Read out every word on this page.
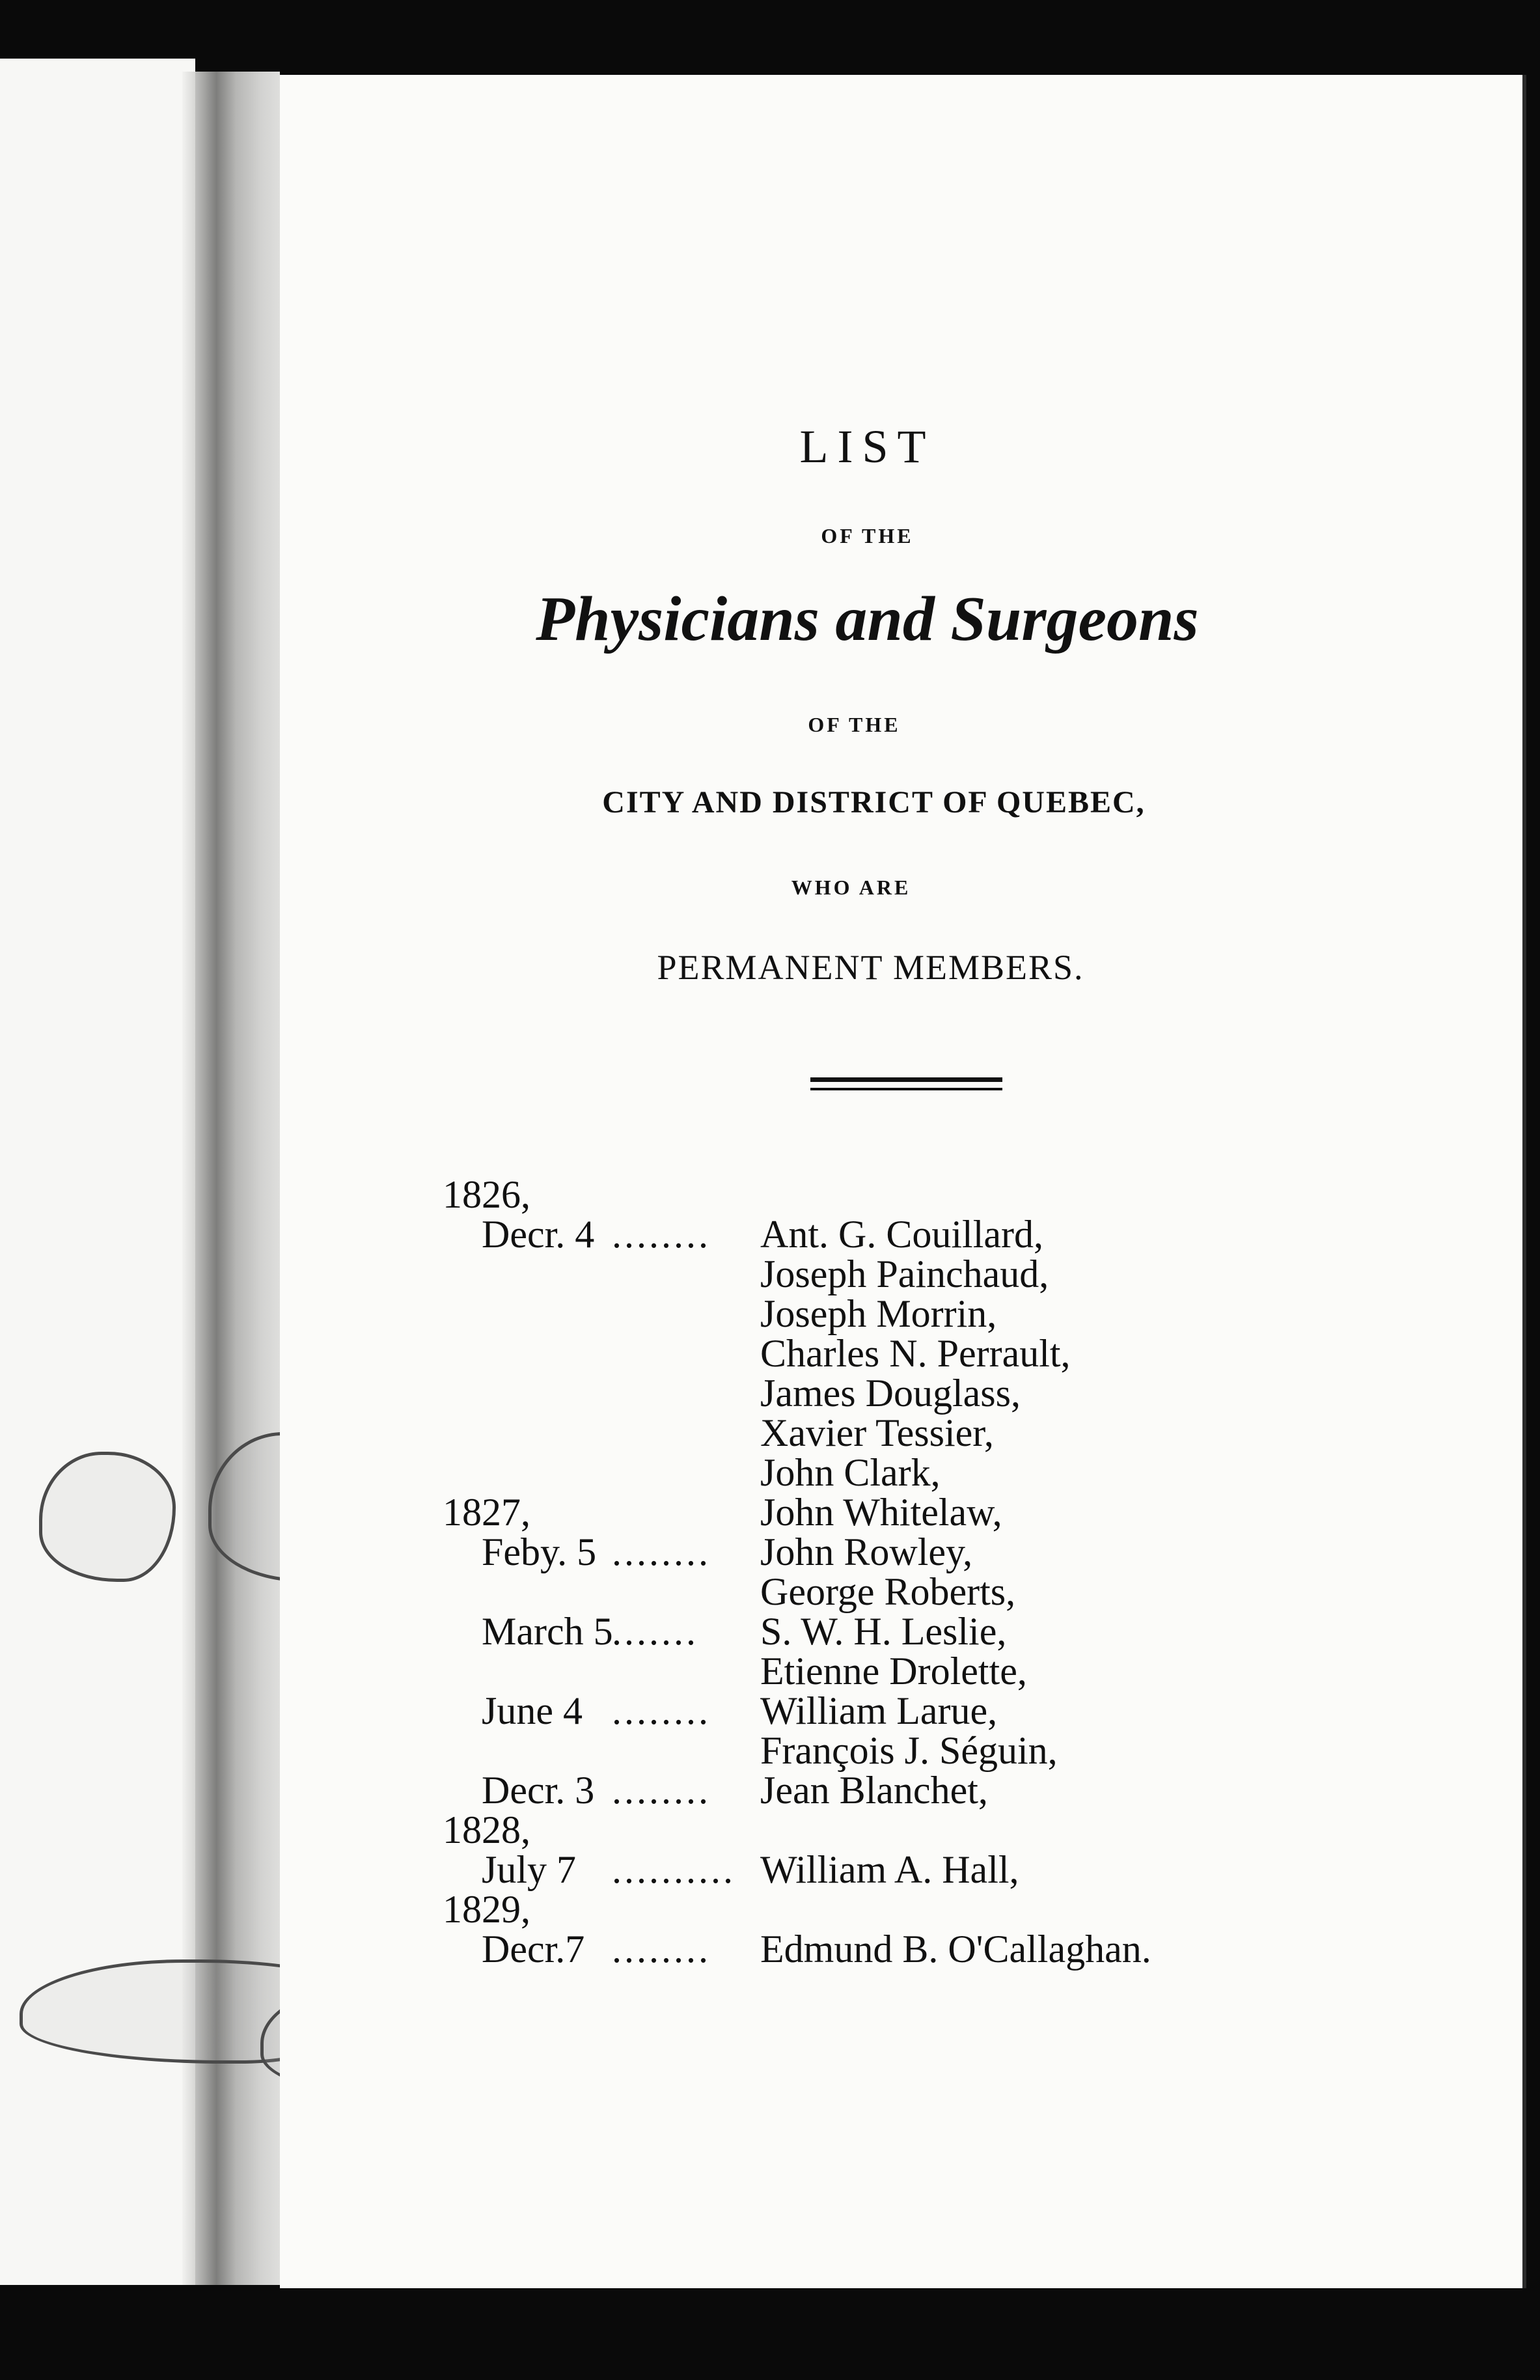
LIST
OF THE
Physicians and Surgeons
OF THE
CITY AND DISTRICT OF QUEBEC,
WHO ARE
PERMANENT MEMBERS.
1826,
Decr. 4 ........ Ant. G. Couillard,
Joseph Painchaud,
Joseph Morrin,
Charles N. Perrault,
James Douglass,
Xavier Tessier,
John Clark,
1827,	John Whitelaw,
Feby. 5 ........ John Rowley,
George Roberts,
March 5
....... S. W. H. Leslie,
Etienne Drolette,
June 4 ........ William Larue,
François J. Séguin,
Decr. 3 ........ Jean Blanchet,
1828,
July 7 .......... William A. Hall,
1829,
Decr.7 ........ Edmund B. O'Callaghan.
